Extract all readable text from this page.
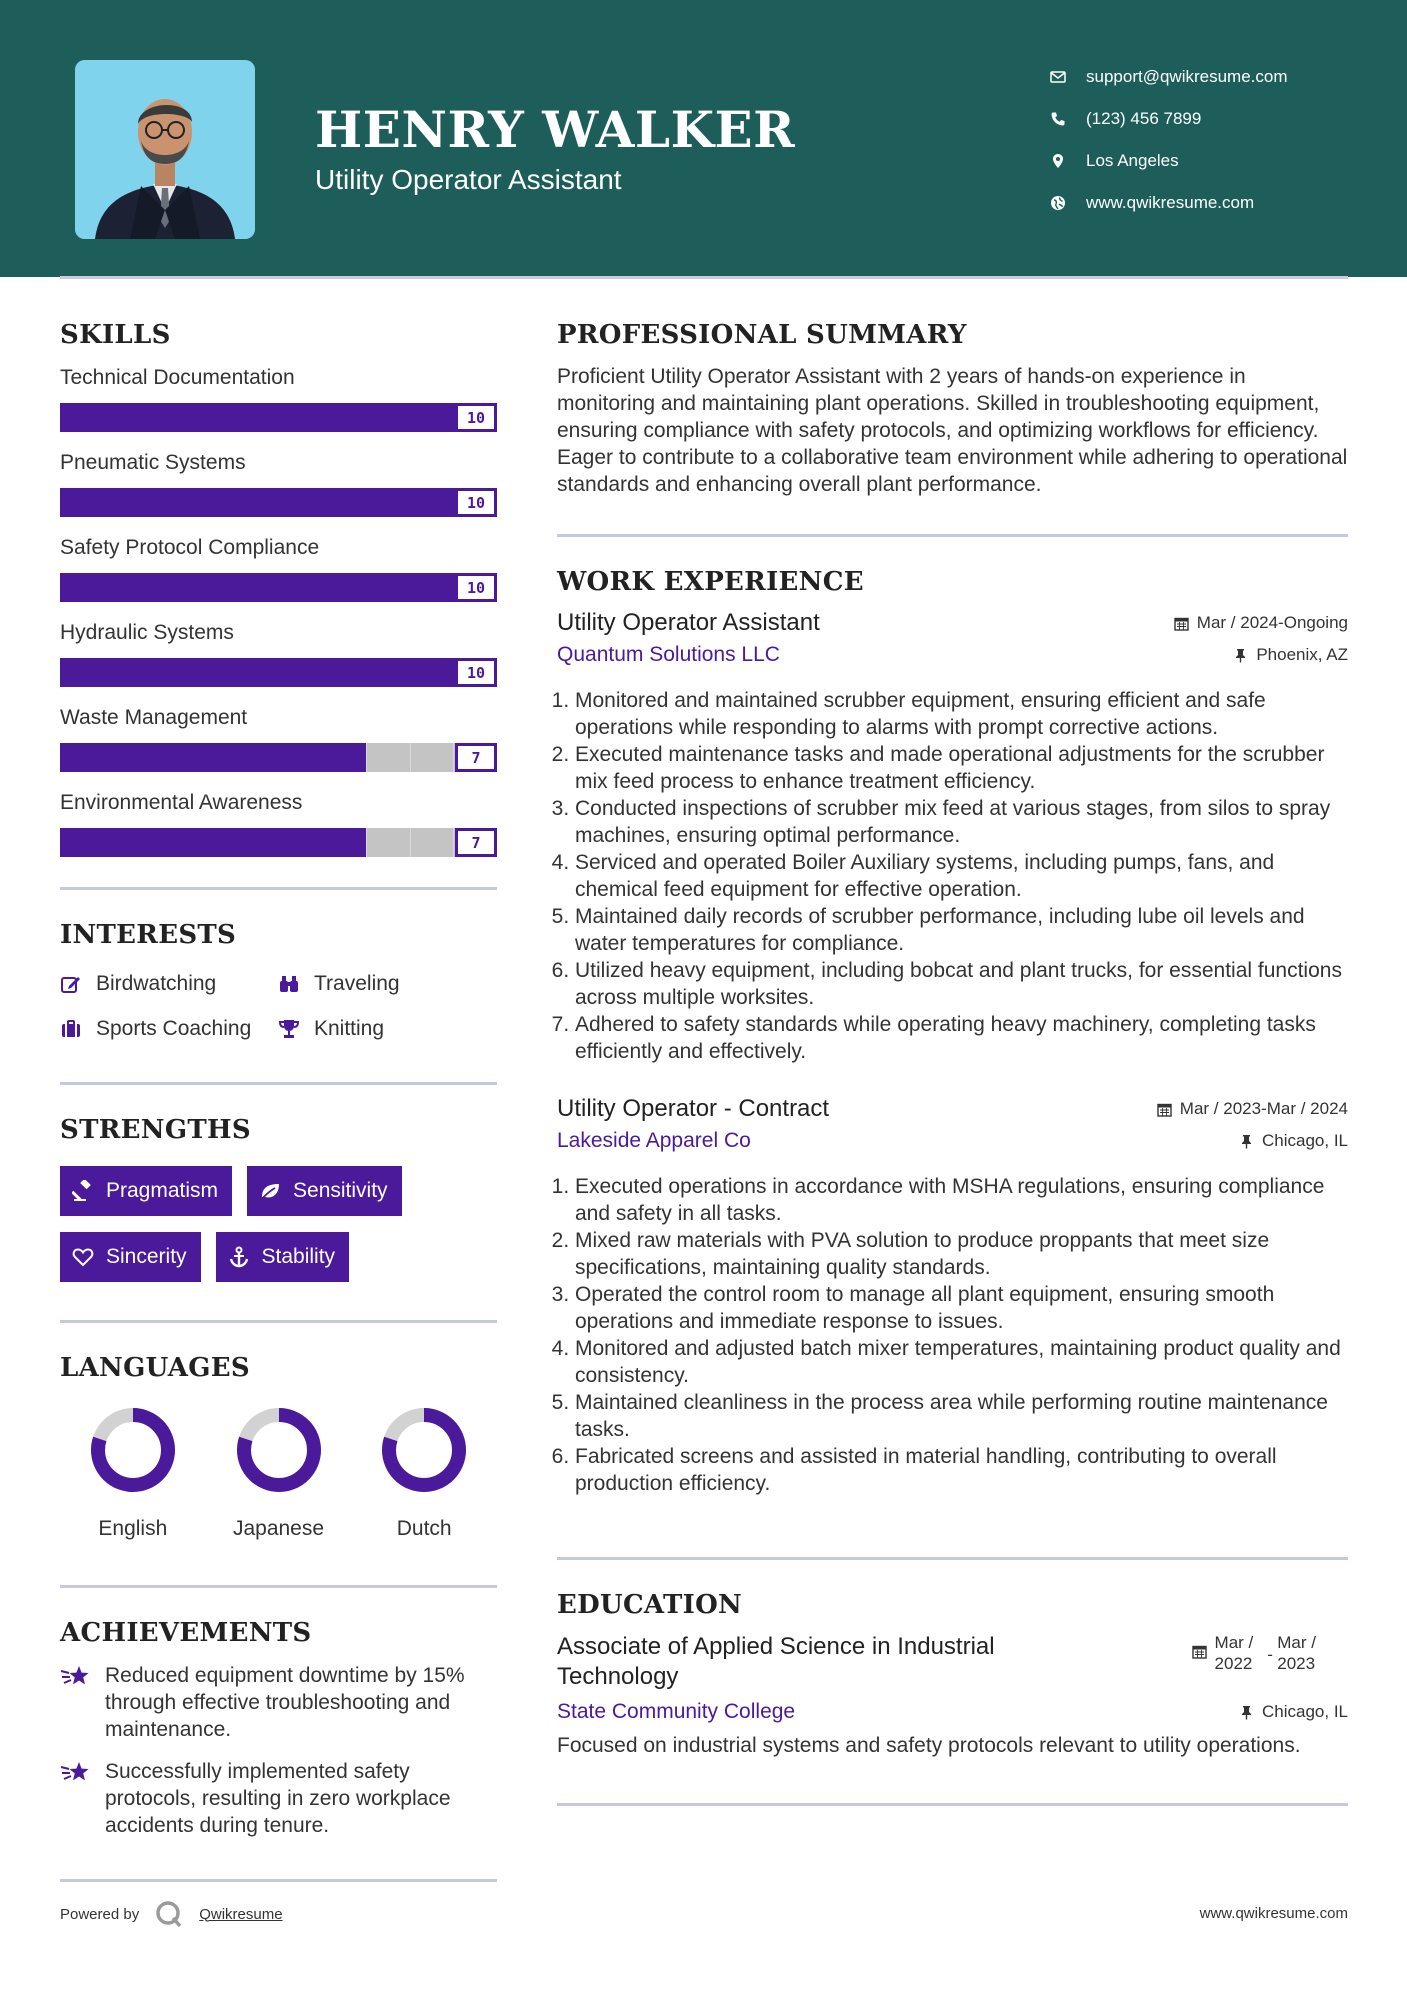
HENRY WALKER
Utility Operator Assistant
support@qwikresume.com
(123) 456 7899
Los Angeles
www.qwikresume.com
SKILLS
Technical Documentation
10
Pneumatic Systems
10
Safety Protocol Compliance
10
Hydraulic Systems
10
Waste Management
7
Environmental Awareness
7
INTERESTS
Birdwatching	Traveling
Sports Coaching	Knitting
STRENGTHS
Pragmatism	Sensitivity
Sincerity	Stability
LANGUAGES
English	Japanese	Dutch
ACHIEVEMENTS
Reduced equipment downtime by 15% through effective troubleshooting and maintenance.
Successfully implemented safety protocols, resulting in zero workplace accidents during tenure.
Powered by	Qwikresume	www.qwikresume.com
PROFESSIONAL SUMMARY
Proficient Utility Operator Assistant with 2 years of hands-on experience in monitoring and maintaining plant operations. Skilled in troubleshooting equipment, ensuring compliance with safety protocols, and optimizing workflows for efficiency. Eager to contribute to a collaborative team environment while adhering to operational standards and enhancing overall plant performance.
WORK EXPERIENCE
Utility Operator Assistant	Mar / 2024-Ongoing
Quantum Solutions LLC	Phoenix, AZ
1. Monitored and maintained scrubber equipment, ensuring efficient and safe operations while responding to alarms with prompt corrective actions.
2. Executed maintenance tasks and made operational adjustments for the scrubber mix feed process to enhance treatment efficiency.
3. Conducted inspections of scrubber mix feed at various stages, from silos to spray machines, ensuring optimal performance.
4. Serviced and operated Boiler Auxiliary systems, including pumps, fans, and chemical feed equipment for effective operation.
5. Maintained daily records of scrubber performance, including lube oil levels and water temperatures for compliance.
6. Utilized heavy equipment, including bobcat and plant trucks, for essential functions across multiple worksites.
7. Adhered to safety standards while operating heavy machinery, completing tasks efficiently and effectively.
Utility Operator - Contract	Mar / 2023-Mar / 2024
Lakeside Apparel Co	Chicago, IL
1. Executed operations in accordance with MSHA regulations, ensuring compliance and safety in all tasks.
2. Mixed raw materials with PVA solution to produce proppants that meet size specifications, maintaining quality standards.
3. Operated the control room to manage all plant equipment, ensuring smooth operations and immediate response to issues.
4. Monitored and adjusted batch mixer temperatures, maintaining product quality and consistency.
5. Maintained cleanliness in the process area while performing routine maintenance tasks.
6. Fabricated screens and assisted in material handling, contributing to overall production efficiency.
EDUCATION
Associate of Applied Science in Industrial Technology
Mar /
2022 -
Mar /
2023
State Community College	Chicago, IL
Focused on industrial systems and safety protocols relevant to utility operations.
